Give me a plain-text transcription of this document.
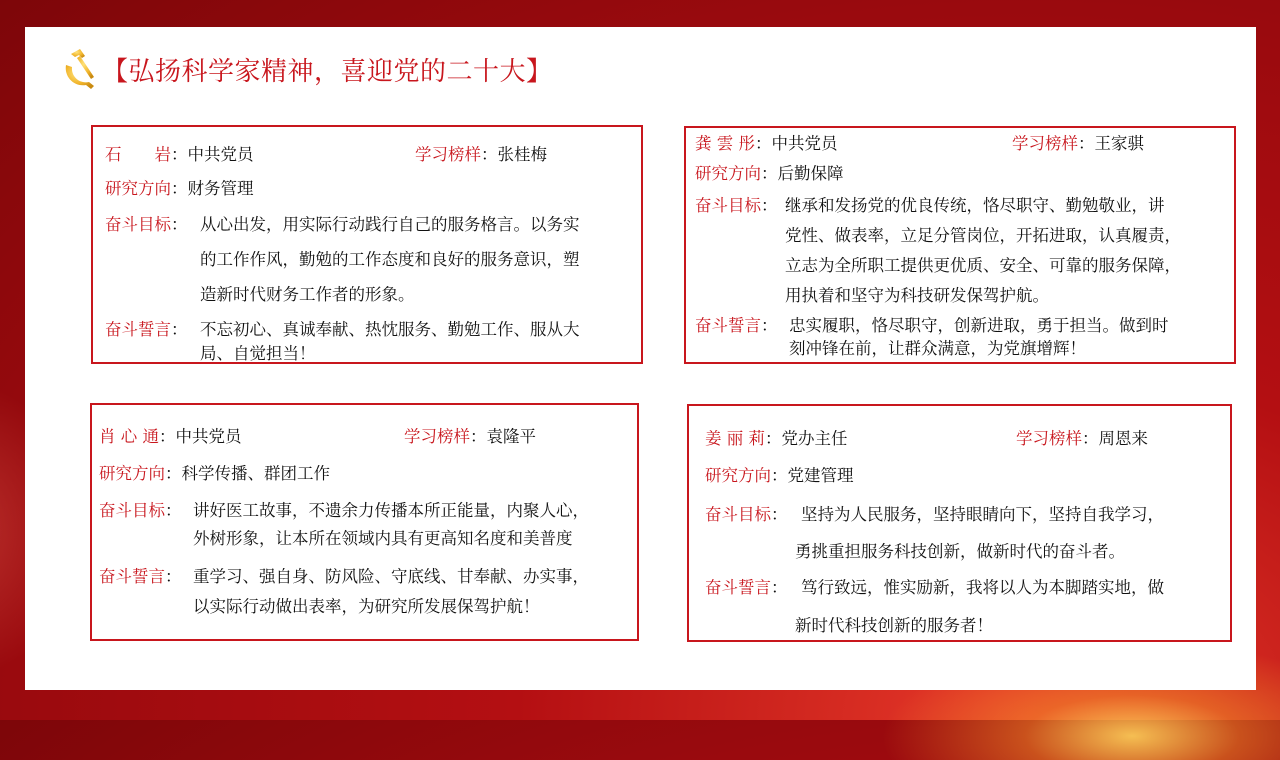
【弘扬科学家精神，喜迎党的二十大】
石　　岩：中共党员	学习榜样：张桂梅
研究方向：财务管理
奋斗目标： 从心出发，用实际行动践行自己的服务格言。以务实
的工作作风，勤勉的工作态度和良好的服务意识，塑
造新时代财务工作者的形象。
奋斗誓言： 不忘初心、真诚奉献、热忱服务、勤勉工作、服从大
局、自觉担当！
龚 雲 彤：中共党员	学习榜样：王家骐
研究方向：后勤保障
奋斗目标： 继承和发扬党的优良传统，恪尽职守、勤勉敬业，讲
党性、做表率，立足分管岗位，开拓进取，认真履责，
立志为全所职工提供更优质、安全、可靠的服务保障，
用执着和坚守为科技研发保驾护航。
奋斗誓言： 忠实履职，恪尽职守，创新进取，勇于担当。做到时
刻冲锋在前，让群众满意，为党旗增辉！
肖 心 通：中共党员	学习榜样：袁隆平
研究方向：科学传播、群团工作
奋斗目标： 讲好医工故事，不遗余力传播本所正能量，内聚人心，
外树形象，让本所在领域内具有更高知名度和美普度
奋斗誓言： 重学习、强自身、防风险、守底线、甘奉献、办实事，
以实际行动做出表率，为研究所发展保驾护航！
姜 丽 莉：党办主任	学习榜样：周恩来
研究方向：党建管理
奋斗目标： 坚持为人民服务，坚持眼睛向下，坚持自我学习，
勇挑重担服务科技创新，做新时代的奋斗者。
奋斗誓言： 笃行致远，惟实励新，我将以人为本脚踏实地，做
新时代科技创新的服务者！
